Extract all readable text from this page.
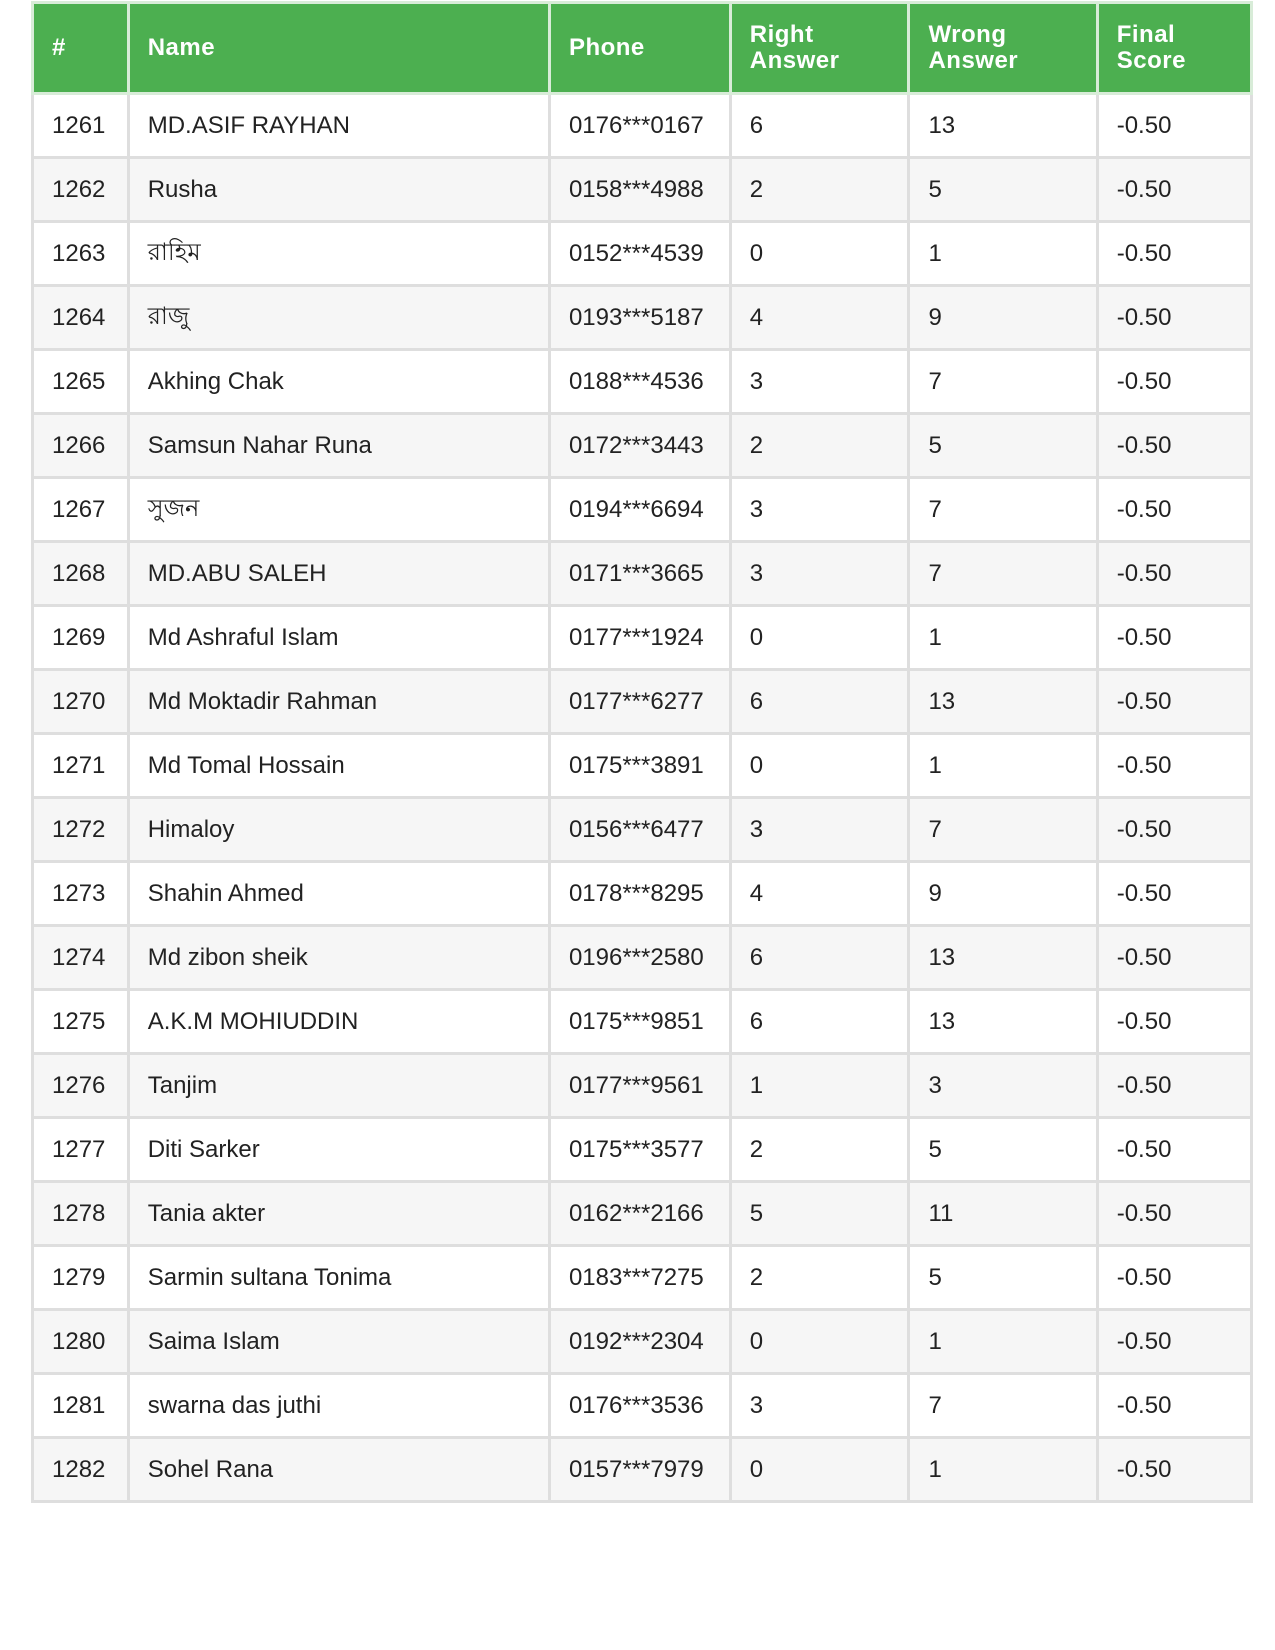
#	Name	Phone	Right Answer	Wrong Answer	Final Score
1261	MD.ASIF RAYHAN	0176***0167	6	13	-0.50
1262	Rusha	0158***4988	2	5	-0.50
1263	রাহিম	0152***4539	0	1	-0.50
1264	রাজু	0193***5187	4	9	-0.50
1265	Akhing Chak	0188***4536	3	7	-0.50
1266	Samsun Nahar Runa	0172***3443	2	5	-0.50
1267	সুজন	0194***6694	3	7	-0.50
1268	MD.ABU SALEH	0171***3665	3	7	-0.50
1269	Md Ashraful Islam	0177***1924	0	1	-0.50
1270	Md Moktadir Rahman	0177***6277	6	13	-0.50
1271	Md Tomal Hossain	0175***3891	0	1	-0.50
1272	Himaloy	0156***6477	3	7	-0.50
1273	Shahin Ahmed	0178***8295	4	9	-0.50
1274	Md zibon sheik	0196***2580	6	13	-0.50
1275	A.K.M MOHIUDDIN	0175***9851	6	13	-0.50
1276	Tanjim	0177***9561	1	3	-0.50
1277	Diti Sarker	0175***3577	2	5	-0.50
1278	Tania akter	0162***2166	5	11	-0.50
1279	Sarmin sultana Tonima	0183***7275	2	5	-0.50
1280	Saima Islam	0192***2304	0	1	-0.50
1281	swarna das juthi	0176***3536	3	7	-0.50
1282	Sohel Rana	0157***7979	0	1	-0.50
